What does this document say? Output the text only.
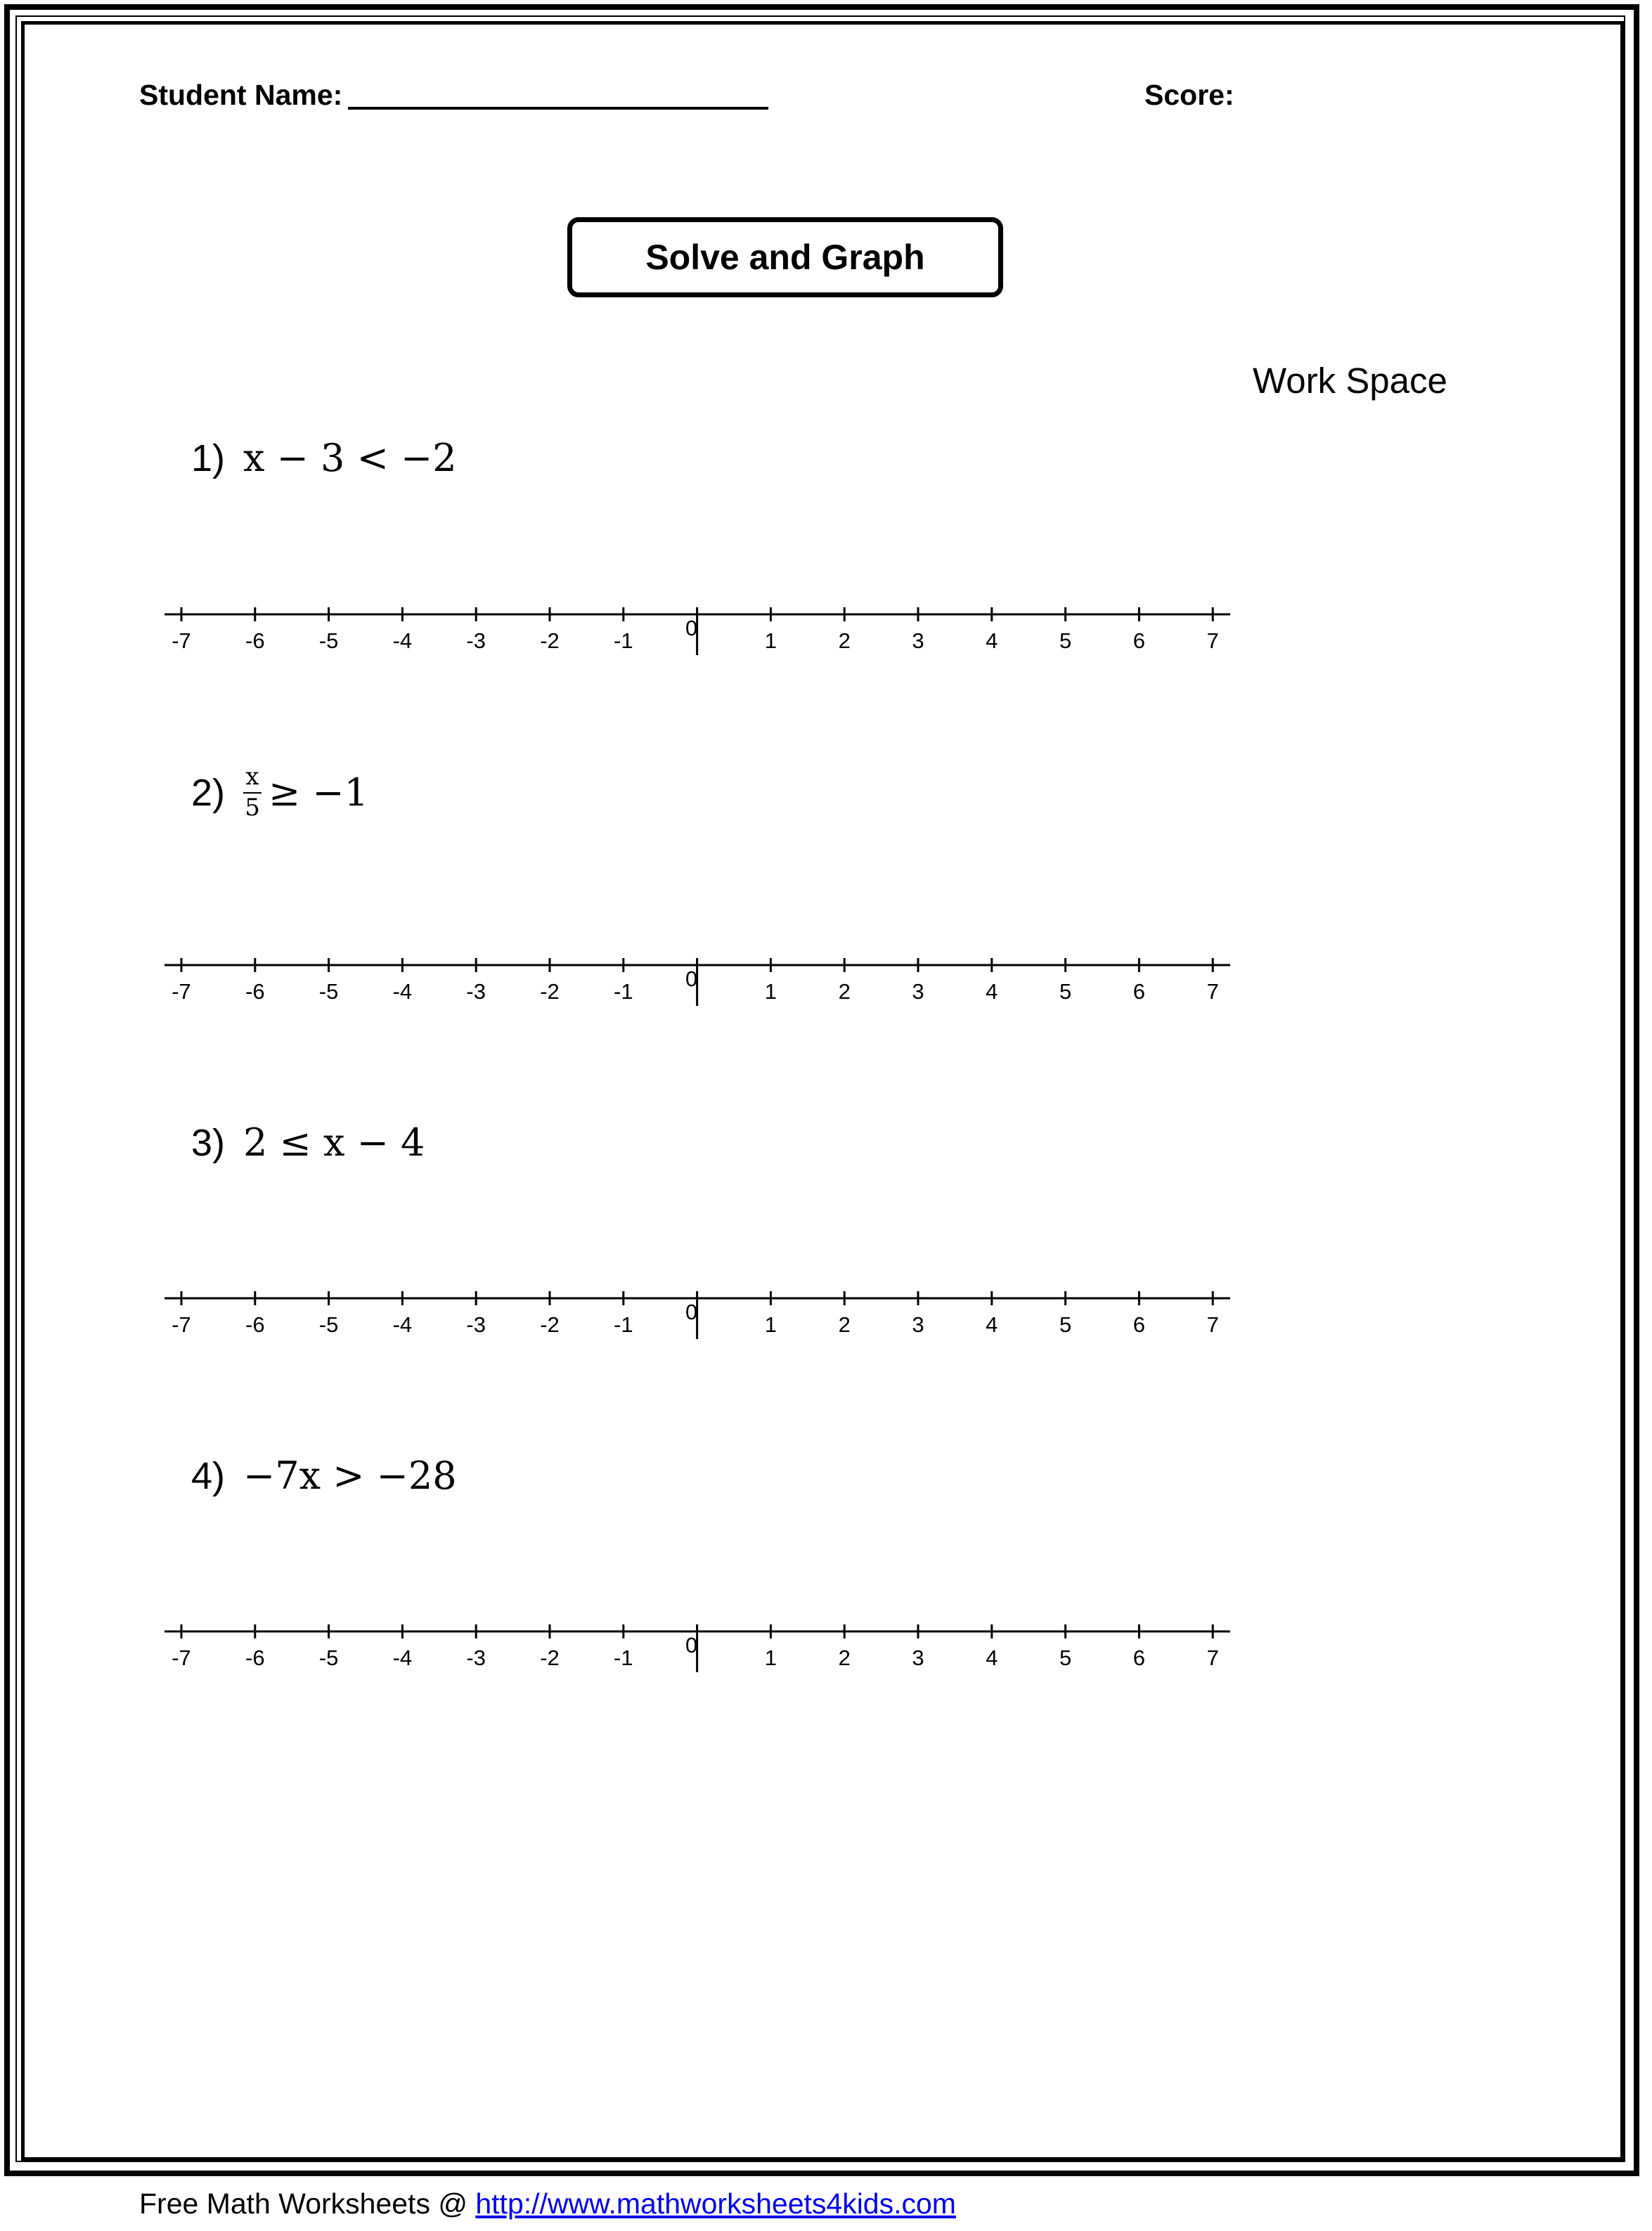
Student Name:	Score:
Solve and Graph
Work Space
1) x − 3 < −2
-7 -6 -5 -4 -3 -2 -1
0
1	2	3	4	5	6	7
$2) \frac{x}{5} \ge -1$
-7 -6 -5 -4 -3 -2 -1
0
1	2	3	4	5	6	7
3) 2 ≤ x − 4
-7 -6 -5 -4 -3 -2 -1
0
1	2	3	4	5	6	7
4) −7x > −28
-7 -6 -5 -4 -3 -2 -1
0
1	2	3	4	5	6	7
Free Math Worksheets @ http://www.mathworksheets4kids.com
